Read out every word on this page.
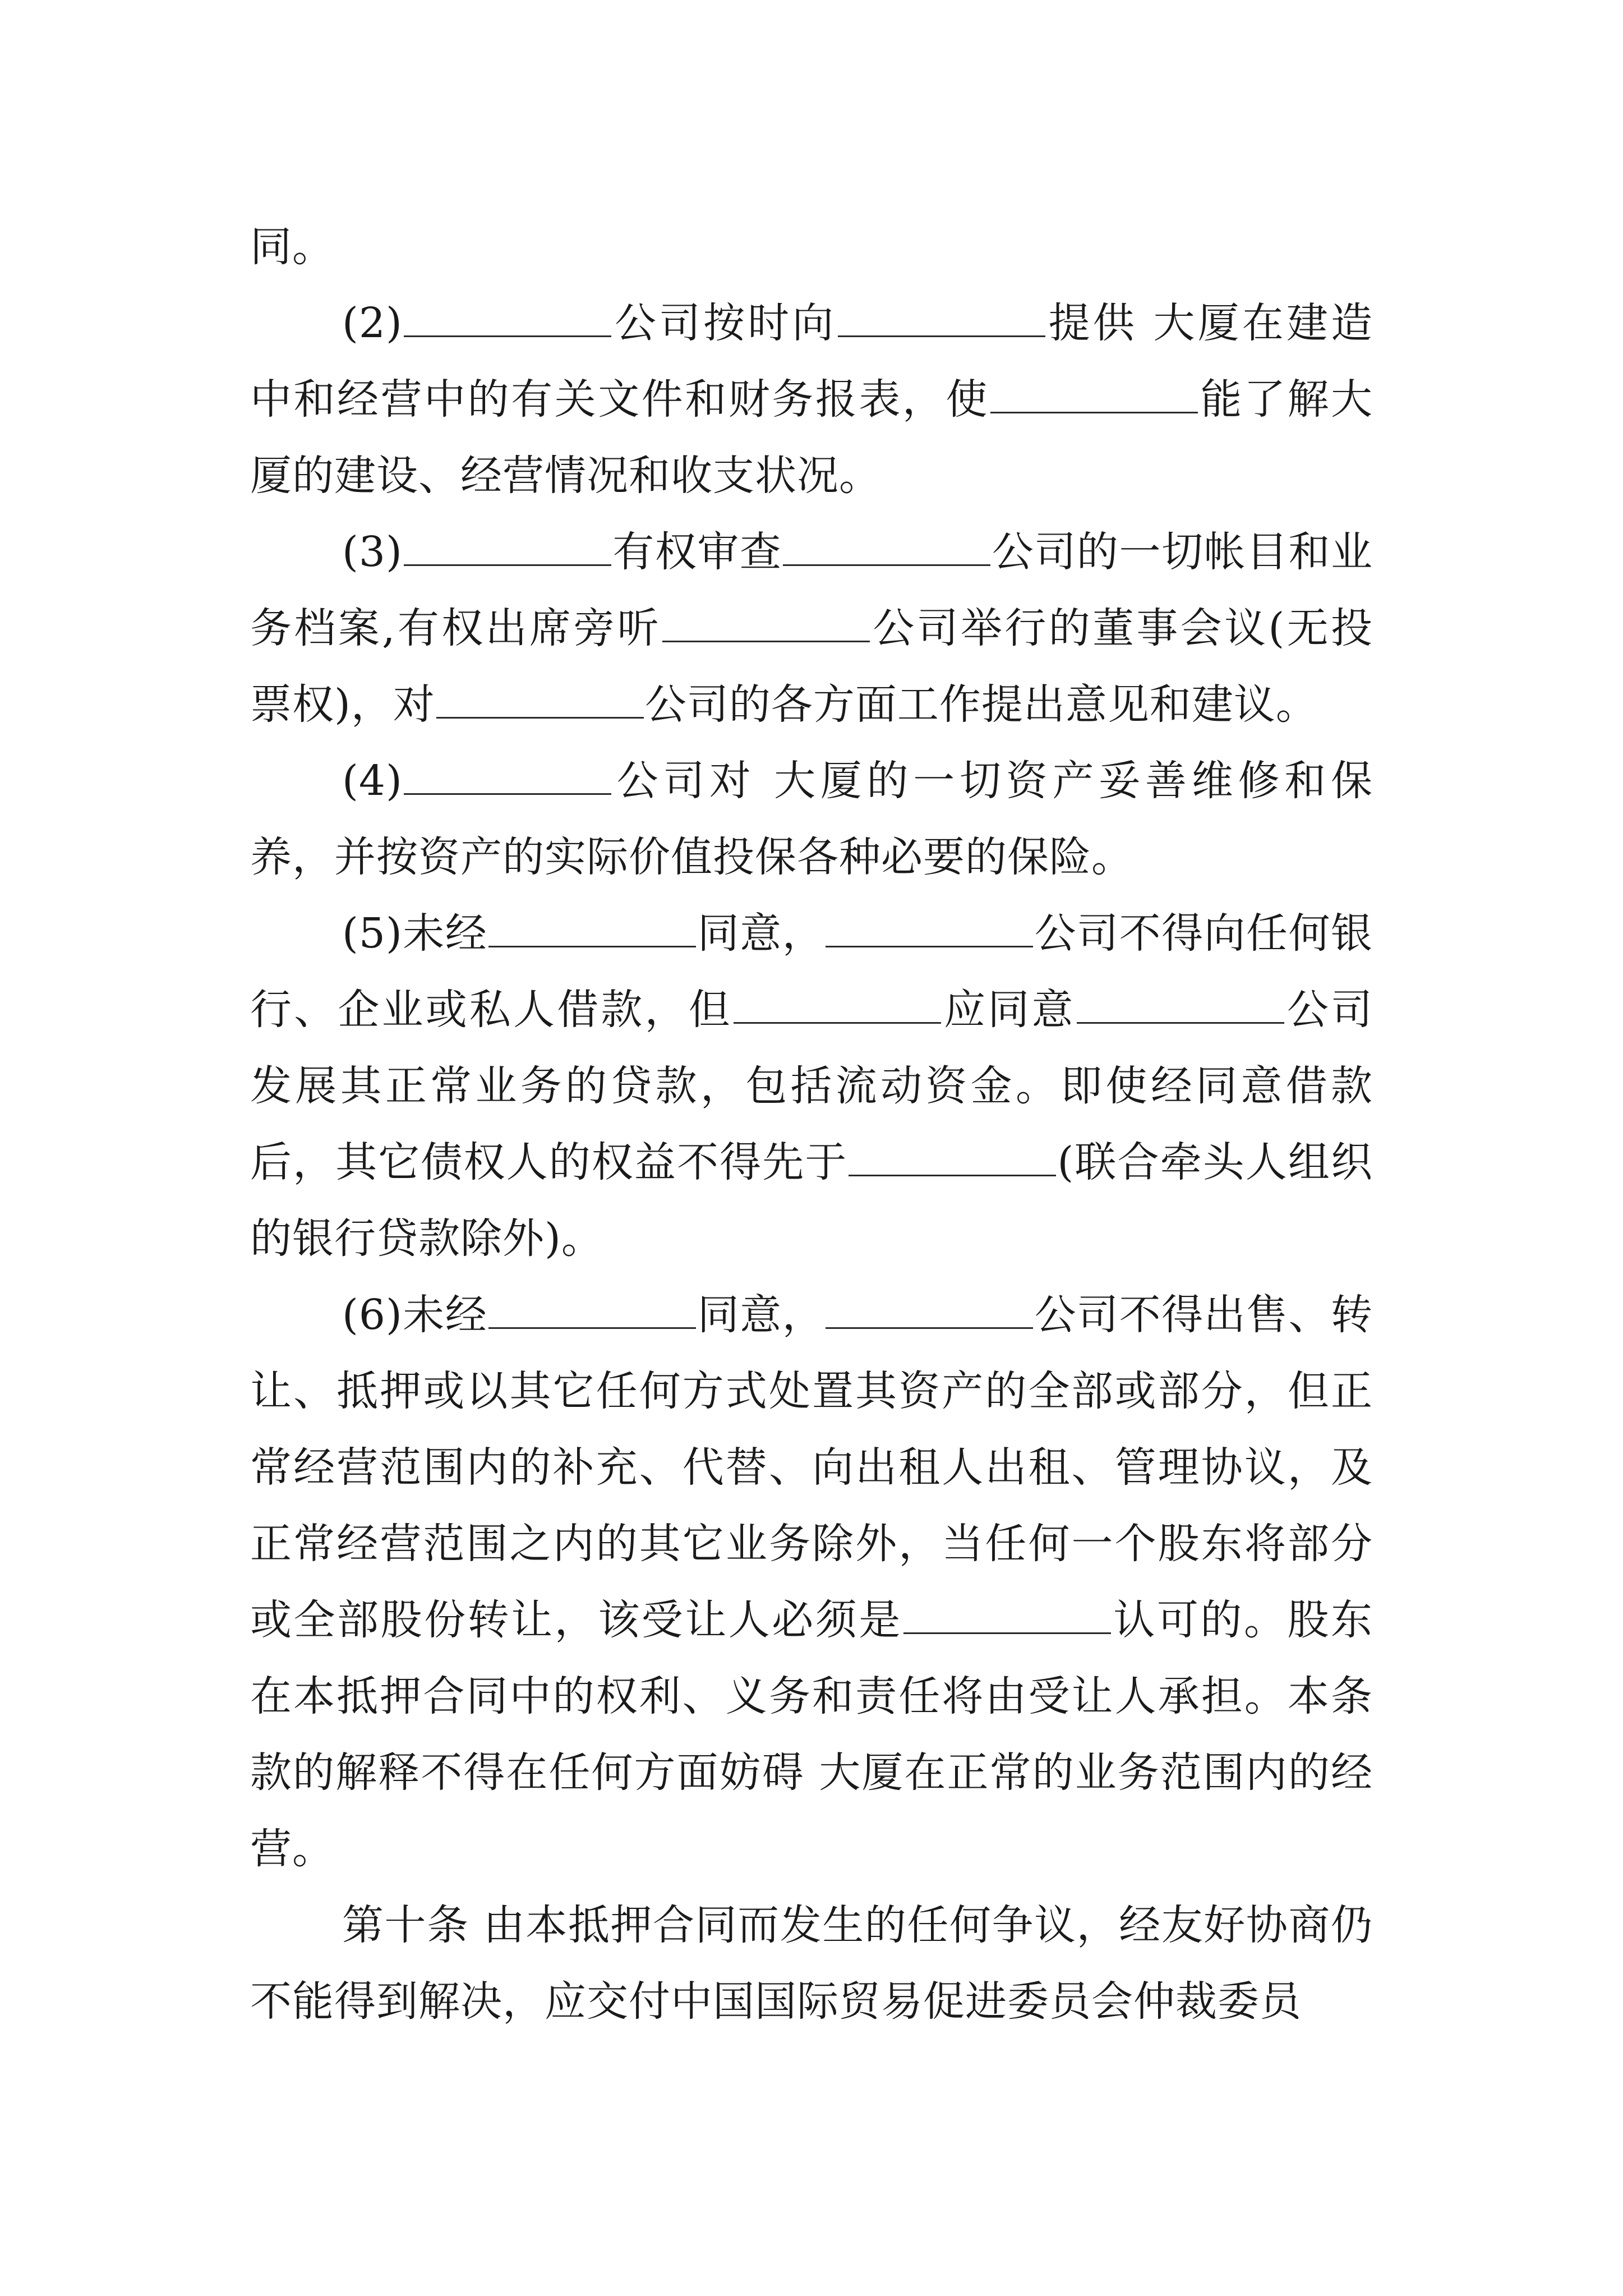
同。

(2)	公司按时向	提供 大厦在建造中和经营中的有关文件和财务报表，使	能了解大厦的建设、经营情况和收支状况。

(3)	有权审查	公司的一切帐目和业务档案,有权出席旁听	公司举行的董事会议(无投票权)，对	公司的各方面工作提出意见和建议。

(4)	公司对 大厦的一切资产妥善维修和保养，并按资产的实际价值投保各种必要的保险。

(5)未经	同意，	公司不得向任何银行、企业或私人借款，但	应同意	公司发展其正常业务的贷款，包括流动资金。即使经同意借款后，其它债权人的权益不得先于	(联合牵头人组织的银行贷款除外)。

(6)未经	同意，	公司不得出售、转让、抵押或以其它任何方式处置其资产的全部或部分，但正常经营范围内的补充、代替、向出租人出租、管理协议，及正常经营范围之内的其它业务除外，当任何一个股东将部分或全部股份转让，该受让人必须是	认可的。股东在本抵押合同中的权利、义务和责任将由受让人承担。本条款的解释不得在任何方面妨碍 大厦在正常的业务范围内的经营。

第十条 由本抵押合同而发生的任何争议，经友好协商仍不能得到解决，应交付中国国际贸易促进委员会仲裁委员
